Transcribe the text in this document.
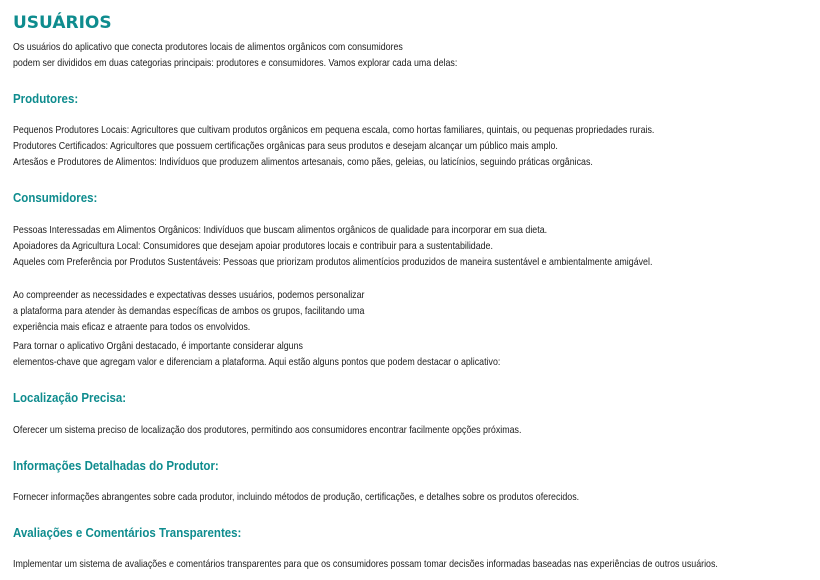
USUÁRIOS

Os usuários do aplicativo que conecta produtores locais de alimentos orgânicos com consumidores
podem ser divididos em duas categorias principais: produtores e consumidores. Vamos explorar cada uma delas:

Produtores:

Pequenos Produtores Locais: Agricultores que cultivam produtos orgânicos em pequena escala, como hortas familiares, quintais, ou pequenas propriedades rurais.
Produtores Certificados: Agricultores que possuem certificações orgânicas para seus produtos e desejam alcançar um público mais amplo.
Artesãos e Produtores de Alimentos: Indivíduos que produzem alimentos artesanais, como pães, geleias, ou laticínios, seguindo práticas orgânicas.

Consumidores:

Pessoas Interessadas em Alimentos Orgânicos: Indivíduos que buscam alimentos orgânicos de qualidade para incorporar em sua dieta.
Apoiadores da Agricultura Local: Consumidores que desejam apoiar produtores locais e contribuir para a sustentabilidade.
Aqueles com Preferência por Produtos Sustentáveis: Pessoas que priorizam produtos alimentícios produzidos de maneira sustentável e ambientalmente amigável.

Ao compreender as necessidades e expectativas desses usuários, podemos personalizar
a plataforma para atender às demandas específicas de ambos os grupos, facilitando uma
experiência mais eficaz e atraente para todos os envolvidos.

Para tornar o aplicativo Orgâni destacado, é importante considerar alguns
elementos-chave que agregam valor e diferenciam a plataforma. Aqui estão alguns pontos que podem destacar o aplicativo:

Localização Precisa:

Oferecer um sistema preciso de localização dos produtores, permitindo aos consumidores encontrar facilmente opções próximas.

Informações Detalhadas do Produtor:

Fornecer informações abrangentes sobre cada produtor, incluindo métodos de produção, certificações, e detalhes sobre os produtos oferecidos.

Avaliações e Comentários Transparentes:

Implementar um sistema de avaliações e comentários transparentes para que os consumidores possam tomar decisões informadas baseadas nas experiências de outros usuários.
